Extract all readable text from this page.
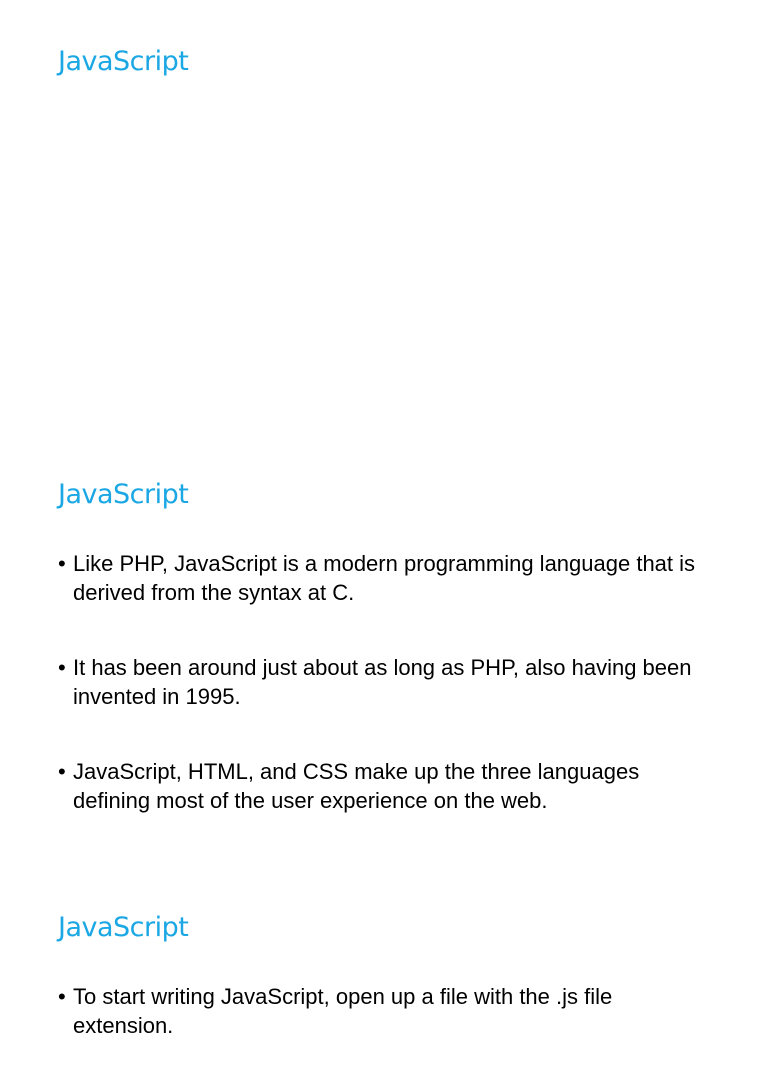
JavaScript
JavaScript
• Like PHP, JavaScript is a modern programming language that is derived from the syntax at C.
• It has been around just about as long as PHP, also having been invented in 1995.
• JavaScript, HTML, and CSS make up the three languages defining most of the user experience on the web.
JavaScript
• To start writing JavaScript, open up a file with the .js file extension.
